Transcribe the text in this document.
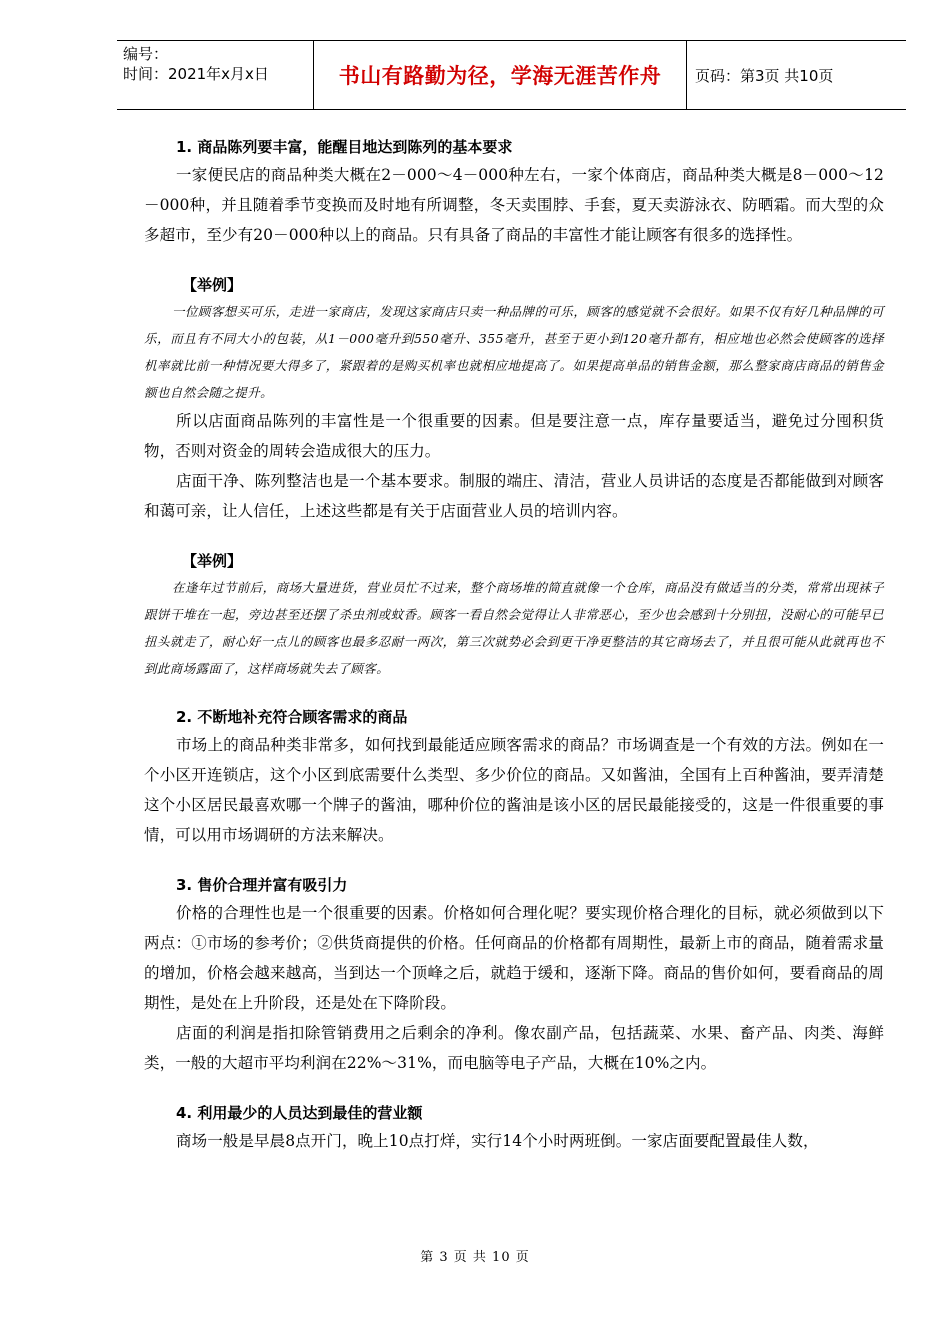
编号：
时间：2021年x月x日	书山有路勤为径，学海无涯苦作舟	页码：第3页 共10页
1. 商品陈列要丰富，能醒目地达到陈列的基本要求

一家便民店的商品种类大概在2－000～4－000种左右，一家个体商店，商品种类大概是8－000～12－000种，并且随着季节变换而及时地有所调整，冬天卖围脖、手套，夏天卖游泳衣、防晒霜。而大型的众多超市，至少有20－000种以上的商品。只有具备了商品的丰富性才能让顾客有很多的选择性。

【举例】

一位顾客想买可乐，走进一家商店，发现这家商店只卖一种品牌的可乐，顾客的感觉就不会很好。如果不仅有好几种品牌的可乐，而且有不同大小的包装，从1－000毫升到550毫升、355毫升，甚至于更小到120毫升都有，相应地也必然会使顾客的选择机率就比前一种情况要大得多了，紧跟着的是购买机率也就相应地提高了。如果提高单品的销售金额，那么整家商店商品的销售金额也自然会随之提升。

所以店面商品陈列的丰富性是一个很重要的因素。但是要注意一点，库存量要适当，避免过分囤积货物，否则对资金的周转会造成很大的压力。

店面干净、陈列整洁也是一个基本要求。制服的端庄、清洁，营业人员讲话的态度是否都能做到对顾客和蔼可亲，让人信任，上述这些都是有关于店面营业人员的培训内容。

【举例】

在逢年过节前后，商场大量进货，营业员忙不过来，整个商场堆的简直就像一个仓库，商品没有做适当的分类，常常出现袜子跟饼干堆在一起，旁边甚至还摆了杀虫剂或蚊香。顾客一看自然会觉得让人非常恶心，至少也会感到十分别扭，没耐心的可能早已扭头就走了，耐心好一点儿的顾客也最多忍耐一两次，第三次就势必会到更干净更整洁的其它商场去了，并且很可能从此就再也不到此商场露面了，这样商场就失去了顾客。

2. 不断地补充符合顾客需求的商品

市场上的商品种类非常多，如何找到最能适应顾客需求的商品？市场调查是一个有效的方法。例如在一个小区开连锁店，这个小区到底需要什么类型、多少价位的商品。又如酱油，全国有上百种酱油，要弄清楚这个小区居民最喜欢哪一个牌子的酱油，哪种价位的酱油是该小区的居民最能接受的，这是一件很重要的事情，可以用市场调研的方法来解决。

3. 售价合理并富有吸引力

价格的合理性也是一个很重要的因素。价格如何合理化呢？要实现价格合理化的目标，就必须做到以下两点：①市场的参考价；②供货商提供的价格。任何商品的价格都有周期性，最新上市的商品，随着需求量的增加，价格会越来越高，当到达一个顶峰之后，就趋于缓和，逐渐下降。商品的售价如何，要看商品的周期性，是处在上升阶段，还是处在下降阶段。

店面的利润是指扣除管销费用之后剩余的净利。像农副产品，包括蔬菜、水果、畜产品、肉类、海鲜类，一般的大超市平均利润在22%～31%，而电脑等电子产品，大概在10%之内。

4. 利用最少的人员达到最佳的营业额

商场一般是早晨8点开门，晚上10点打烊，实行14个小时两班倒。一家店面要配置最佳人数，

第 3 页 共 10 页
